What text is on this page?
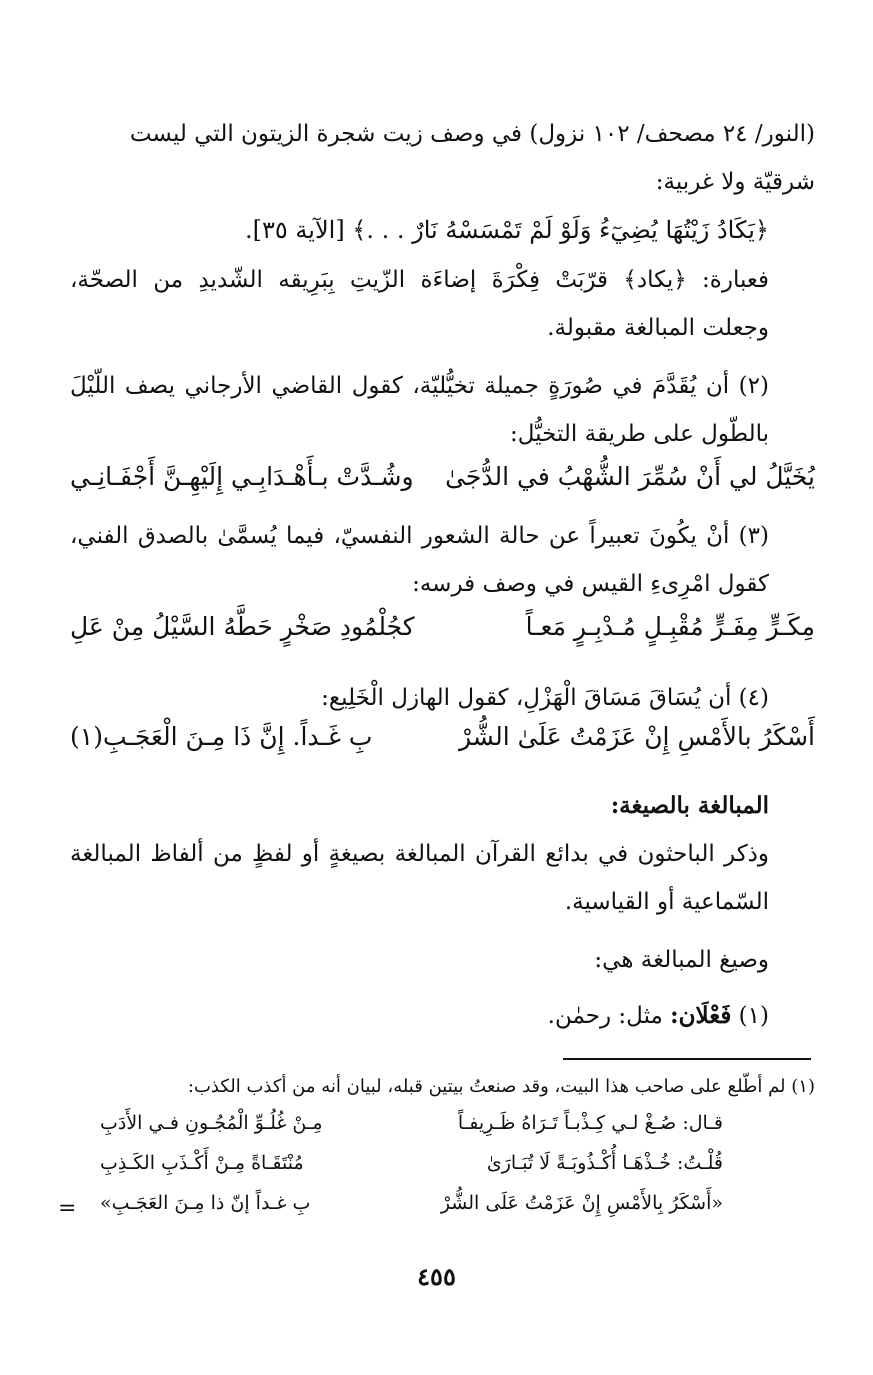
(النور/ ٢٤ مصحف/ ١٠٢ نزول) في وصف زيت شجرة الزيتون التي ليست

شرقيّة ولا غربية:

﴿يَكَادُ زَيْتُهَا يُضِيٓءُ وَلَوْ لَمْ تَمْسَسْهُ نَارٌ . . .﴾ [الآية ٣٥].

فعبارة: ﴿يكاد﴾ قرّبَتْ فِكْرَةَ إضاءَة الزّيتِ بِبَرِيقه الشّديدِ من الصحّة، وجعلت المبالغة مقبولة.

(٢) أن يُقَدَّمَ في صُورَةٍ جميلة تخيُّليّة، كقول القاضي الأرجاني يصف اللّيْلَ بالطّول على طريقة التخيُّل:

يُخَيَّلُ لي أَنْ سُمِّرَ الشُّهْبُ في الدُّجَىٰ
وشُـدَّتْ بـأَهْـدَابِـي إِلَيْهِـنَّ أَجْفَـانِـي

(٣) أنْ يكُونَ تعبيراً عن حالة الشعور النفسيّ، فيما يُسمَّىٰ بالصدق الفني، كقول امْرِىءِ القيس في وصف فرسه:

مِكَـرٍّ مِفَـرٍّ مُقْبِـلٍ مُـدْبِـرٍ مَعـاً
كجُلْمُودِ صَخْرٍ حَطَّهُ السَّيْلُ مِنْ عَلِ

(٤) أن يُسَاقَ مَسَاقَ الْهَزْلِ، كقول الهازل الْخَلِيع:

أَسْكَرُ بالأَمْسِ إِنْ عَزَمْتُ عَلَىٰ الشُّرْ
بِ غَـداً. إِنَّ ذَا مِـنَ الْعَجَـبِ(١)

المبالغة بالصيغة:

وذكر الباحثون في بدائع القرآن المبالغة بصيغةٍ أو لفظٍ من ألفاظ المبالغة السّماعية أو القياسية.

وصيغ المبالغة هي:

(١) فَعْلَان: مثل: رحمٰن.

(١) لم أطّلع على صاحب هذا البيت، وقد صنعتُ بيتين قبله، لبيان أنه من أكذب الكذب:
قـال: صُـغْ لـي كِـذْبـاً تَـرَاهُ ظَـرِيفـاً
مِـنْ غُلُـوِّ الْمُجُـونِ فـي الأَدَبِ
قُلْـتُ: خُـذْهَـا أُكْـذُوبَـةً لَا تُبَـارَىٰ
مُنْتَقَـاةً مِـنْ أَكْـذَبِ الكَـذِبِ
«أَسْكَرُ بِالأَمْسِ إِنْ عَزَمْتُ عَلَى الشُّرْ
بِ غـداً إنّ ذا مِـنَ العَجَـبِ»
=
٤٥٥
